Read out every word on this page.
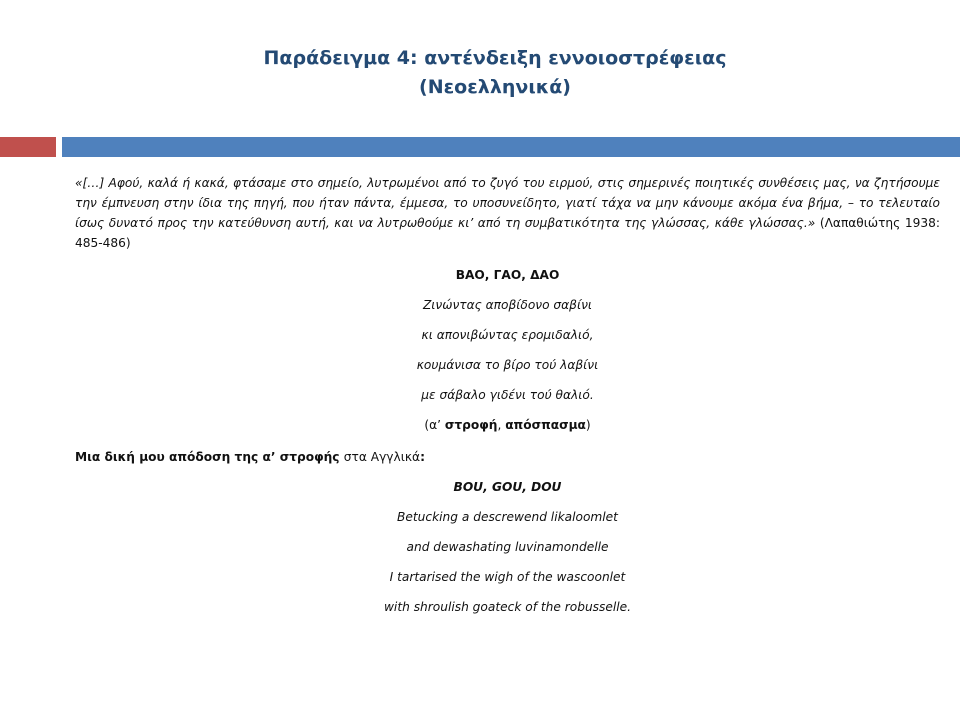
Παράδειγμα 4: αντένδειξη εννοιοστρέφειας
(Νεοελληνικά)

«[…] Αφού, καλά ή κακά, φτάσαμε στο σημείο, λυτρωμένοι από το ζυγό του ειρμού, στις σημερινές ποιητικές συνθέσεις μας, να ζητήσουμε την έμπνευση στην ίδια της πηγή, που ήταν πάντα, έμμεσα, το υποσυνείδητο, γιατί τάχα να μην κάνουμε ακόμα ένα βήμα, – το τελευταίο ίσως δυνατό προς την κατεύθυνση αυτή, και να λυτρωθούμε κι’ από τη συμβατικότητα της γλώσσας, κάθε γλώσσας.» (Λαπαθιώτης 1938: 485-486)

ΒΑΟ, ΓΑΟ, ΔΑΟ

Ζινώντας αποβίδονο σαβίνι

κι απονιβώντας ερομιδαλιό,

κουμάνισα το βίρο τού λαβίνι

με σάβαλο γιδένι τού θαλιό.

(α’ στροφή, απόσπασμα)

Μια δική μου απόδοση της α’ στροφής στα Αγγλικά:

BOU, GOU, DOU

Betucking a descrewend likaloomlet

and dewashating luvinamondelle

I tartarised the wigh of the wascoonlet

with shroulish goateck of the robusselle.
